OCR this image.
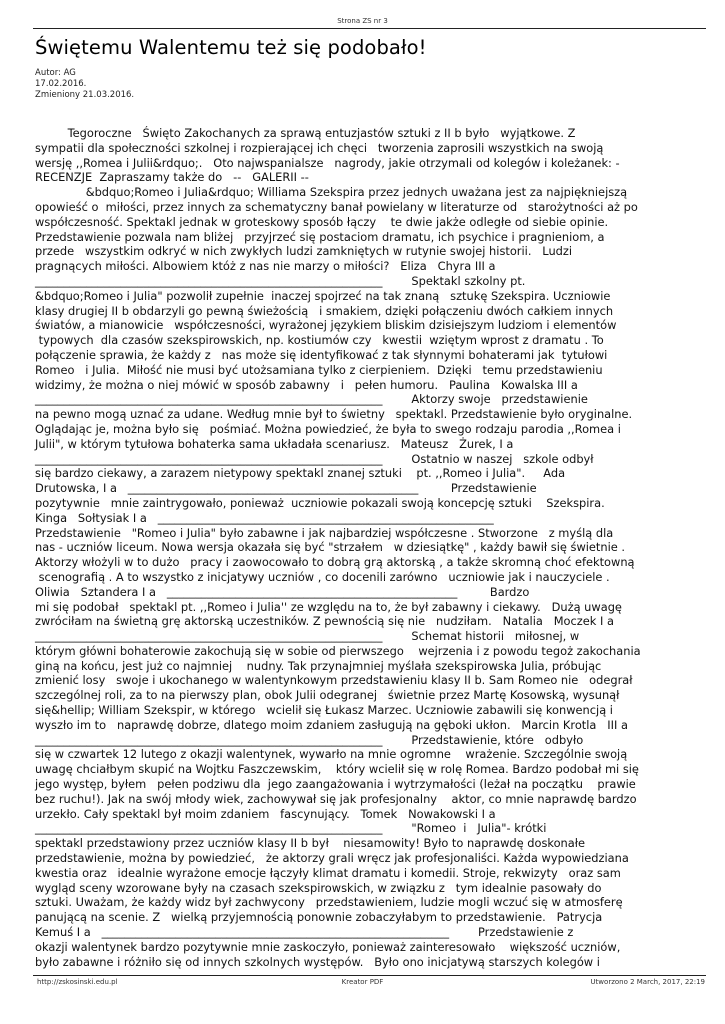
Strona ZS nr 3
Świętemu Walentemu też się podobało!
Autor: AG
17.02.2016.
Zmieniony 21.03.2016.
Tegoroczne   Święto Zakochanych za sprawą entuzjastów sztuki z II b było   wyjątkowe. Z
sympatii dla społeczności szkolnej i rozpierającej ich chęci   tworzenia zaprosili wszystkich na swoją
wersję ,,Romea i Julii&rdquo;.   Oto najwspanialsze   nagrody, jakie otrzymali od kolegów i koleżanek: -
RECENZJE  Zapraszamy także do   --   GALERII --
&bdquo;Romeo i Julia&rdquo; Williama Szekspira przez jednych uważana jest za najpiękniejszą
opowieść o  miłości, przez innych za schematyczny banał powielany w literaturze od   starożytności aż po
współczesność. Spektakl jednak w groteskowy sposób łączy    te dwie jakże odległe od siebie opinie.
Przedstawienie pozwala nam bliżej   przyjrzeć się postaciom dramatu, ich psychice i pragnieniom, a
przede   wszystkim odkryć w nich zwykłych ludzi zamkniętych w rutynie swojej historii.   Ludzi
pragnących miłości. Albowiem któż z nas nie marzy o miłości?   Eliza   Chyra III a
_____________________________________________________________        Spektakl szkolny pt.
&bdquo;Romeo i Julia" pozwolił zupełnie  inaczej spojrzeć na tak znaną   sztukę Szekspira. Uczniowie
klasy drugiej II b obdarzyli go pewną świeżością   i smakiem, dzięki połączeniu dwóch całkiem innych
światów, a mianowicie   współczesności, wyrażonej językiem bliskim dzisiejszym ludziom i elementów
typowych  dla czasów szekspirowskich, np. kostiumów czy   kwestii  wziętym wprost z dramatu . To
połączenie sprawia, że każdy z   nas może się identyfikować z tak słynnymi bohaterami jak  tytułowi
Romeo   i Julia.  Miłość nie musi być utożsamiana tylko z cierpieniem.  Dzięki   temu przedstawieniu
widzimy, że można o niej mówić w sposób zabawny   i   pełen humoru.   Paulina   Kowalska III a
_____________________________________________________________        Aktorzy swoje   przedstawienie
na pewno mogą uznać za udane. Według mnie był to świetny   spektakl. Przedstawienie było oryginalne.
Oglądając je, można było się   pośmiać. Można powiedzieć, że była to swego rodzaju parodia ,,Romea i
Julii", w którym tytułowa bohaterka sama układała scenariusz.   Mateusz   Żurek, I a
_____________________________________________________________        Ostatnio w naszej   szkole odbył
się bardzo ciekawy, a zarazem nietypowy spektakl znanej sztuki    pt. ,,Romeo i Julia".     Ada
Drutowska, I a   ___________________________________________________         Przedstawienie
pozytywnie   mnie zaintrygowało, ponieważ  uczniowie pokazali swoją koncepcję sztuki    Szekspira.
Kinga   Sołtysiak I a   ___________________________________________________________
Przedstawienie   "Romeo i Julia" było zabawne i jak najbardziej współczesne . Stworzone   z myślą dla
nas - uczniów liceum. Nowa wersja okazała się być "strzałem   w dziesiątkę" , każdy bawił się świetnie .
Aktorzy włożyli w to dużo   pracy i zaowocowało to dobrą grą aktorską , a także skromną choć efektowną
scenografią . A to wszystko z inicjatywy uczniów , co docenili zarówno   uczniowie jak i nauczyciele .
Oliwia   Sztandera I a   ___________________________________________________         Bardzo
mi się podobał   spektakl pt. ,,Romeo i Julia'' ze względu na to, że był zabawny i ciekawy.   Dużą uwagę
zwróciłam na świetną grę aktorską uczestników. Z pewnością się nie   nudziłam.   Natalia   Moczek I a
_____________________________________________________________        Schemat historii   miłosnej, w
którym główni bohaterowie zakochują się w sobie od pierwszego    wejrzenia i z powodu tegoż zakochania
giną na końcu, jest już co najmniej    nudny. Tak przynajmniej myślała szekspirowska Julia, próbując
zmienić losy   swoje i ukochanego w walentynkowym przedstawieniu klasy II b. Sam Romeo nie   odegrał
szczególnej roli, za to na pierwszy plan, obok Julii odegranej   świetnie przez Martę Kosowską, wysunął
się&hellip; William Szekspir, w którego   wcielił się Łukasz Marzec. Uczniowie zabawili się konwencją i
wyszło im to   naprawdę dobrze, dlatego moim zdaniem zasługują na gęboki ukłon.   Marcin Krotla   III a
_____________________________________________________________        Przedstawienie, które   odbyło
się w czwartek 12 lutego z okazji walentynek, wywarło na mnie ogromne    wrażenie. Szczególnie swoją
uwagę chciałbym skupić na Wojtku Faszczewskim,    który wcielił się w rolę Romea. Bardzo podobał mi się
jego występ, byłem   pełen podziwu dla  jego zaangażowania i wytrzymałości (leżał na początku    prawie
bez ruchu!). Jak na swój młody wiek, zachowywał się jak profesjonalny    aktor, co mnie naprawdę bardzo
urzekło. Cały spektakl był moim zdaniem   fascynujący.   Tomek   Nowakowski I a
_____________________________________________________________        "Romeo  i   Julia"- krótki
spektakl przedstawiony przez uczniów klasy II b był    niesamowity! Było to naprawdę doskonałe
przedstawienie, można by powiedzieć,   że aktorzy grali wręcz jak profesjonaliści. Każda wypowiedziana
kwestia oraz   idealnie wyrażone emocje łączyły klimat dramatu i komedii. Stroje, rekwizyty   oraz sam
wygląd sceny wzorowane były na czasach szekspirowskich, w związku z   tym idealnie pasowały do
sztuki. Uważam, że każdy widz był zachwycony   przedstawieniem, ludzie mogli wczuć się w atmosferę
panującą na scenie. Z   wielką przyjemnością ponownie zobaczyłabym to przedstawienie.   Patrycja
Kemuś I a   _____________________________________________________________        Przedstawienie z
okazji walentynek bardzo pozytywnie mnie zaskoczyło, ponieważ zainteresowało    większość uczniów,
było zabawne i różniło się od innych szkolnych występów.   Było ono inicjatywą starszych kolegów i
http://zskosinski.edu.pl	Kreator PDF	Utworzono 2 March, 2017, 22:19
